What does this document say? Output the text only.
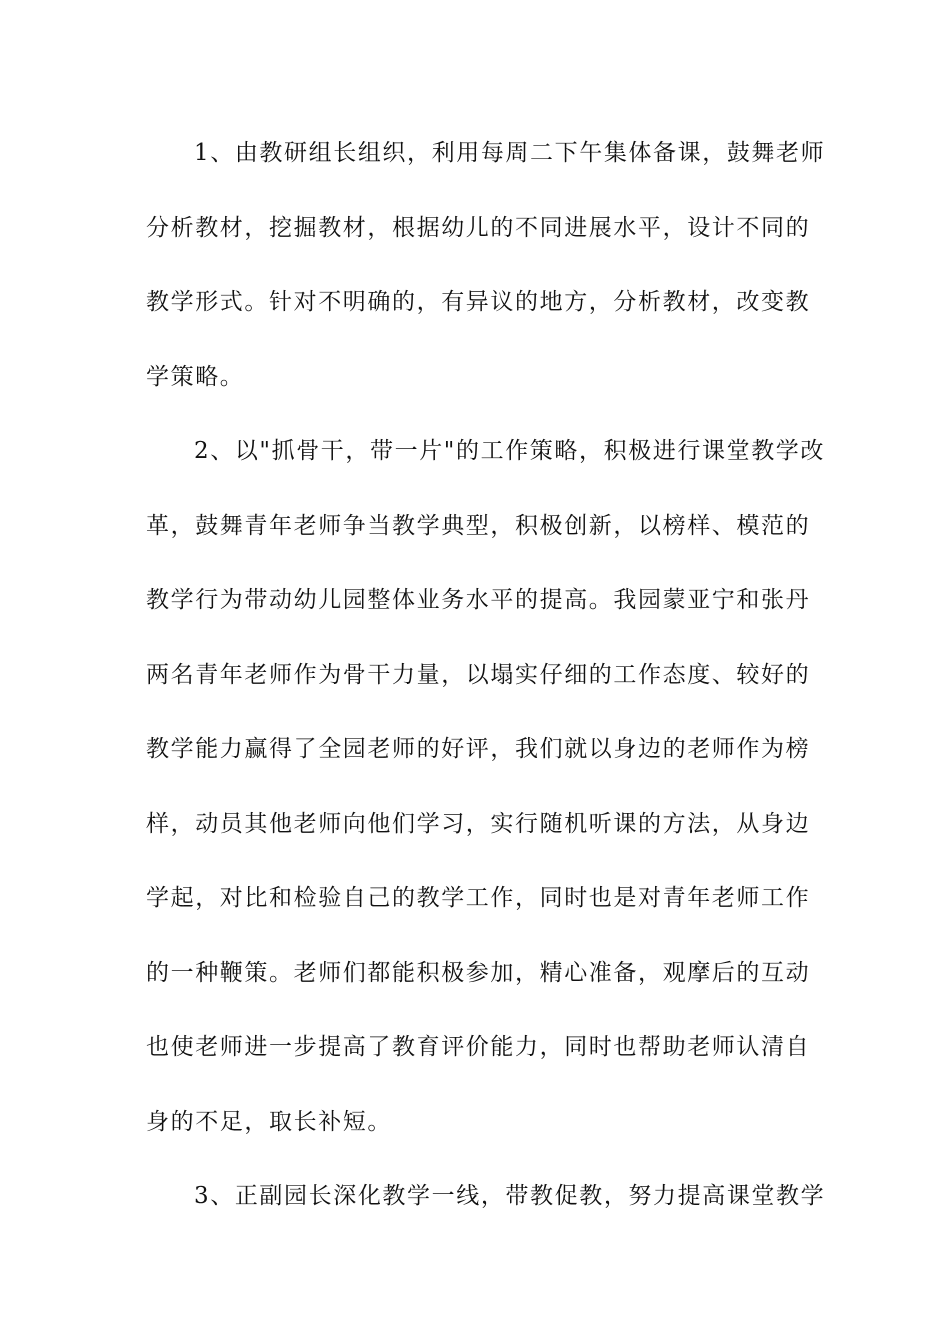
1、由教研组长组织，利用每周二下午集体备课，鼓舞老师
分析教材，挖掘教材，根据幼儿的不同进展水平，设计不同的
教学形式。针对不明确的，有异议的地方，分析教材，改变教
学策略。
2、以"抓骨干，带一片"的工作策略，积极进行课堂教学改
革，鼓舞青年老师争当教学典型，积极创新，以榜样、模范的
教学行为带动幼儿园整体业务水平的提高。我园蒙亚宁和张丹
两名青年老师作为骨干力量，以塌实仔细的工作态度、较好的
教学能力赢得了全园老师的好评，我们就以身边的老师作为榜
样，动员其他老师向他们学习，实行随机听课的方法，从身边
学起，对比和检验自己的教学工作，同时也是对青年老师工作
的一种鞭策。老师们都能积极参加，精心准备，观摩后的互动
也使老师进一步提高了教育评价能力，同时也帮助老师认清自
身的不足，取长补短。
3、正副园长深化教学一线，带教促教，努力提高课堂教学
